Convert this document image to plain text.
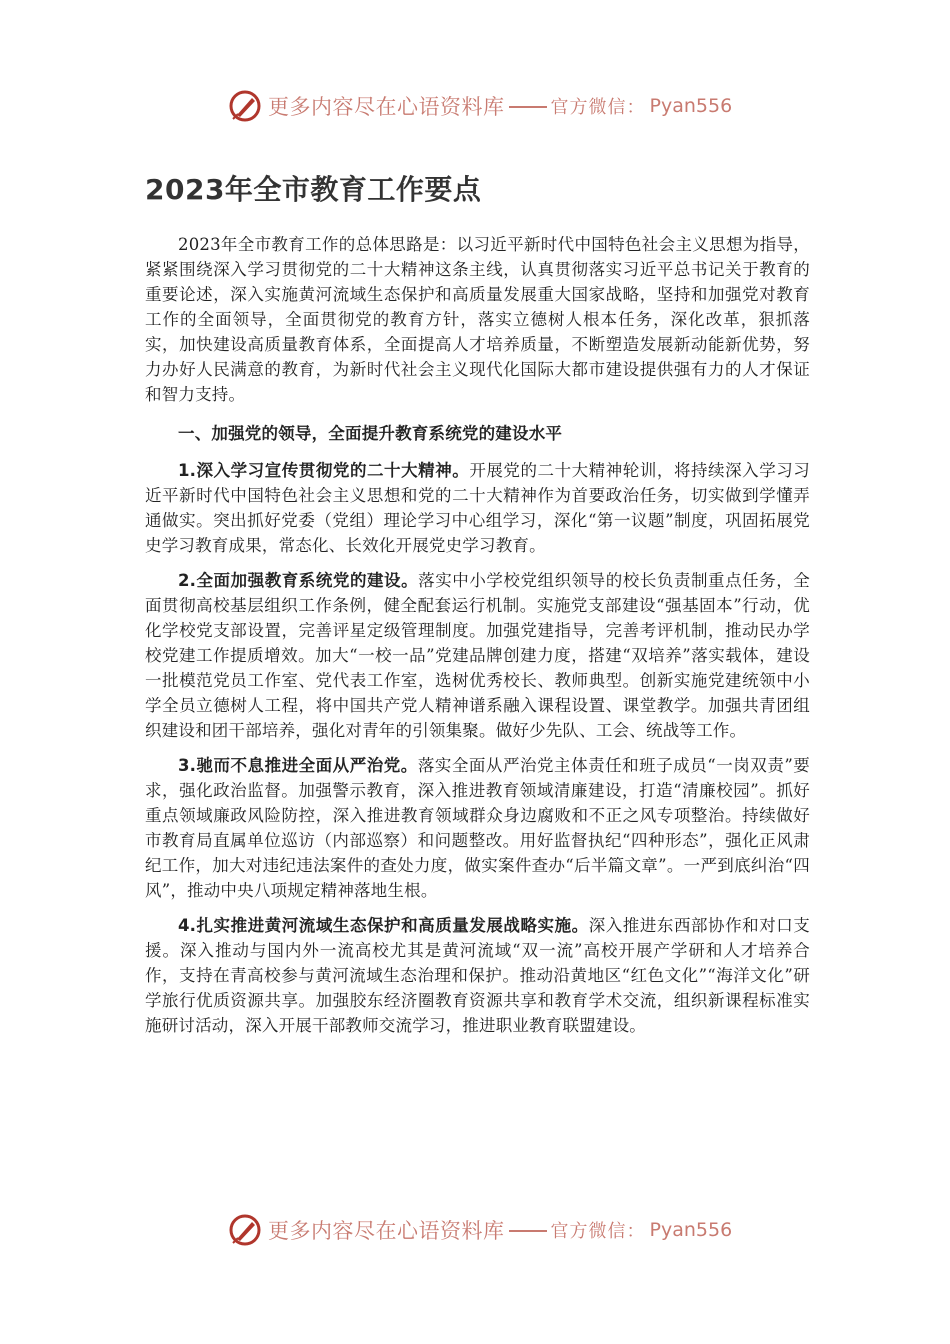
更多内容尽在心语资料库	官方微信： Pyan556
2023年全市教育工作要点

2023年全市教育工作的总体思路是：以习近平新时代中国特色社会主义思想为指导，紧紧围绕深入学习贯彻党的二十大精神这条主线，认真贯彻落实习近平总书记关于教育的重要论述，深入实施黄河流域生态保护和高质量发展重大国家战略，坚持和加强党对教育工作的全面领导，全面贯彻党的教育方针，落实立德树人根本任务，深化改革，狠抓落实，加快建设高质量教育体系，全面提高人才培养质量，不断塑造发展新动能新优势，努力办好人民满意的教育，为新时代社会主义现代化国际大都市建设提供强有力的人才保证和智力支持。

一、加强党的领导，全面提升教育系统党的建设水平

1.深入学习宣传贯彻党的二十大精神。开展党的二十大精神轮训，将持续深入学习习近平新时代中国特色社会主义思想和党的二十大精神作为首要政治任务，切实做到学懂弄通做实。突出抓好党委（党组）理论学习中心组学习，深化“第一议题”制度，巩固拓展党史学习教育成果，常态化、长效化开展党史学习教育。

2.全面加强教育系统党的建设。落实中小学校党组织领导的校长负责制重点任务，全面贯彻高校基层组织工作条例，健全配套运行机制。实施党支部建设“强基固本”行动，优化学校党支部设置，完善评星定级管理制度。加强党建指导，完善考评机制，推动民办学校党建工作提质增效。加大“一校一品”党建品牌创建力度，搭建“双培养”落实载体，建设一批模范党员工作室、党代表工作室，选树优秀校长、教师典型。创新实施党建统领中小学全员立德树人工程，将中国共产党人精神谱系融入课程设置、课堂教学。加强共青团组织建设和团干部培养，强化对青年的引领集聚。做好少先队、工会、统战等工作。

3.驰而不息推进全面从严治党。落实全面从严治党主体责任和班子成员“一岗双责”要求，强化政治监督。加强警示教育，深入推进教育领域清廉建设，打造“清廉校园”。抓好重点领域廉政风险防控，深入推进教育领域群众身边腐败和不正之风专项整治。持续做好市教育局直属单位巡访（内部巡察）和问题整改。用好监督执纪“四种形态”，强化正风肃纪工作，加大对违纪违法案件的查处力度，做实案件查办“后半篇文章”。一严到底纠治“四风”，推动中央八项规定精神落地生根。

4.扎实推进黄河流域生态保护和高质量发展战略实施。深入推进东西部协作和对口支援。深入推动与国内外一流高校尤其是黄河流域“双一流”高校开展产学研和人才培养合作，支持在青高校参与黄河流域生态治理和保护。推动沿黄地区“红色文化”“海洋文化”研学旅行优质资源共享。加强胶东经济圈教育资源共享和教育学术交流，组织新课程标准实施研讨活动，深入开展干部教师交流学习，推进职业教育联盟建设。

更多内容尽在心语资料库	官方微信： Pyan556
